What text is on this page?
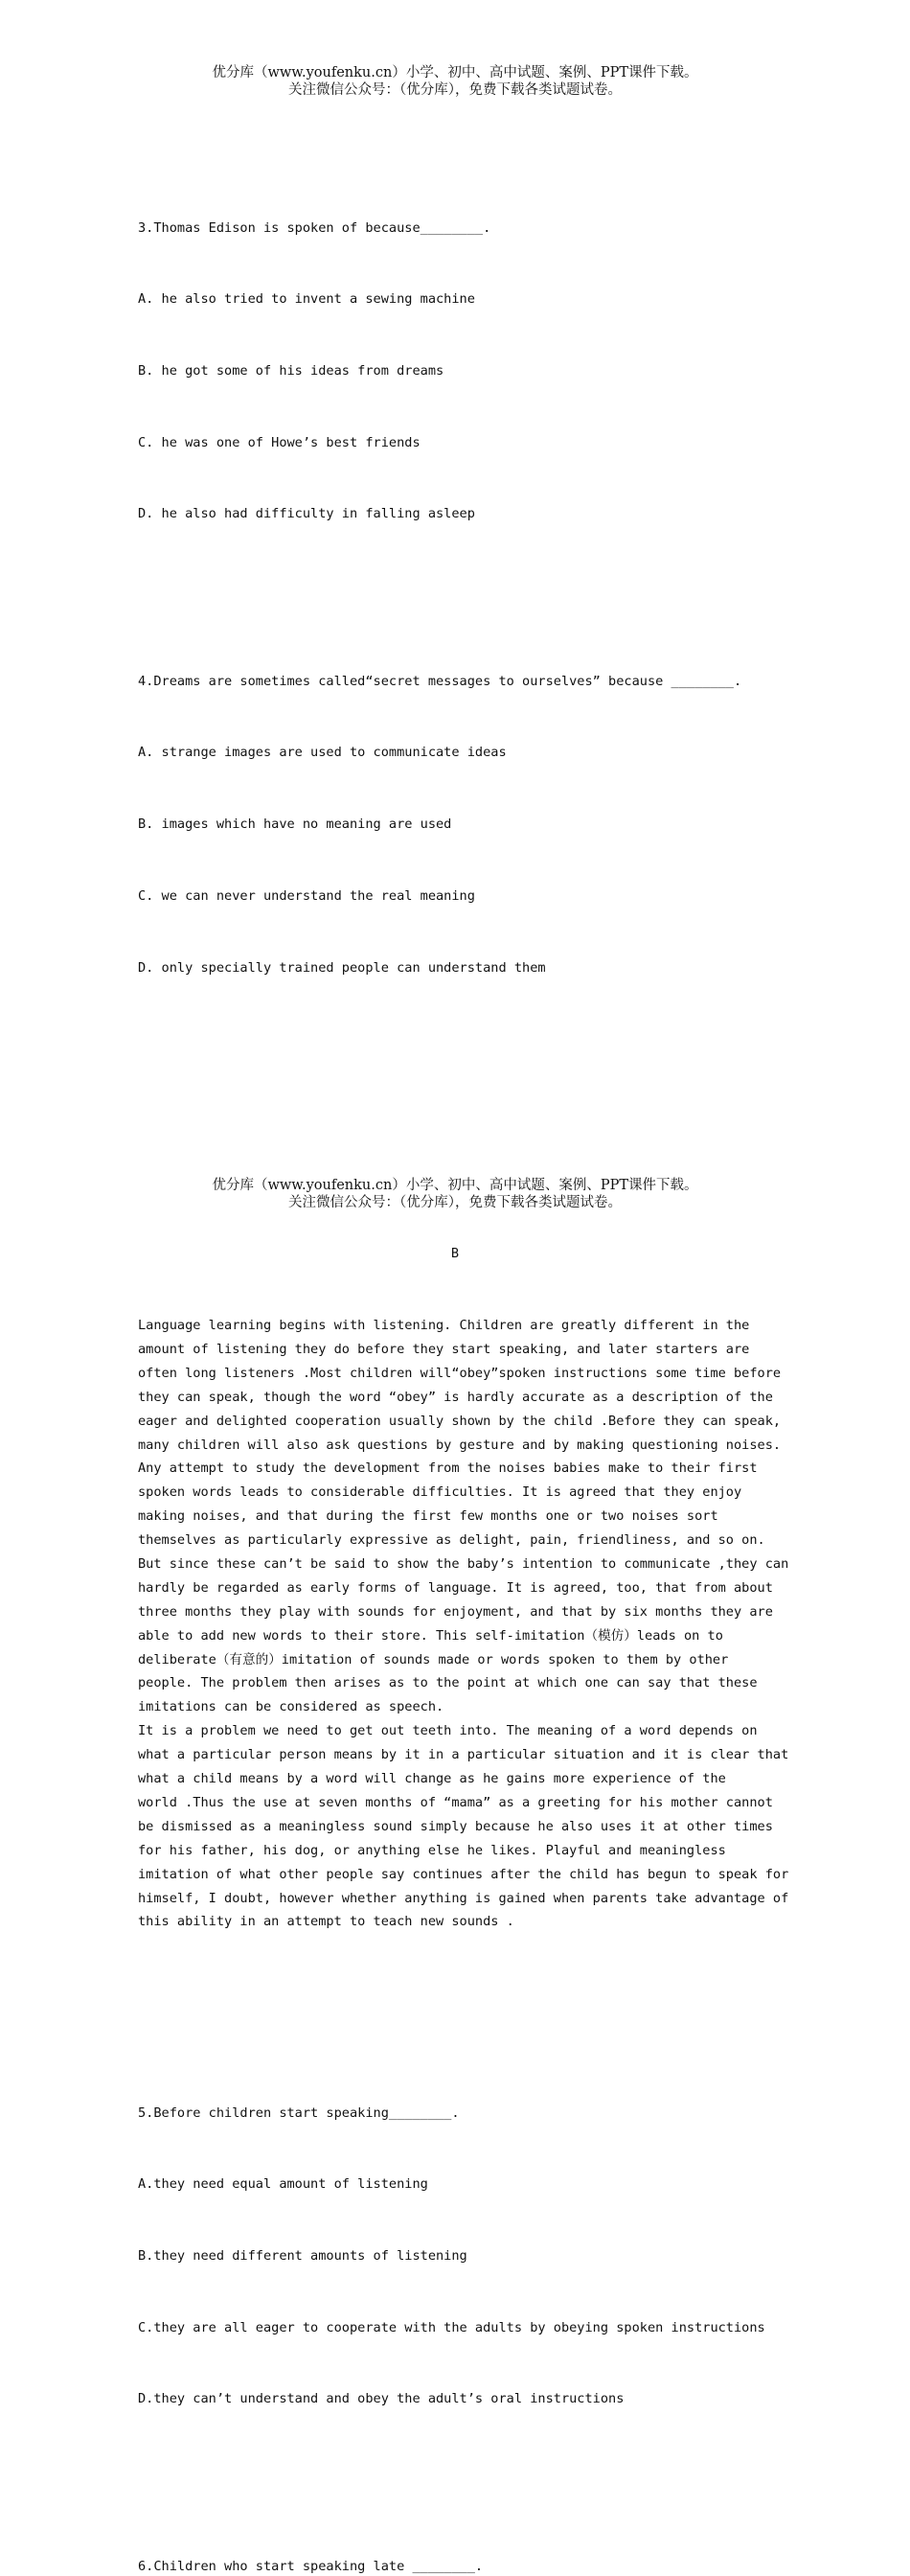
优分库（www.youfenku.cn）小学、初中、高中试题、案例、PPT课件下载。
关注微信公众号：（优分库），免费下载各类试题试卷。

3.Thomas Edison is spoken of because________.

A. he also tried to invent a sewing machine

B. he got some of his ideas from dreams

C. he was one of Howe’s best friends

D. he also had difficulty in falling asleep

4.Dreams are sometimes called“secret messages to ourselves” because ________.

A. strange images are used to communicate ideas

B. images which have no meaning are used

C. we can never understand the real meaning

D. only specially trained people can understand them

B

Language learning begins with listening. Children are greatly different in the
amount of listening they do before they start speaking, and later starters are
often long listeners .Most children will“obey”spoken instructions some time before
they can speak, though the word “obey” is hardly accurate as a description of the
eager and delighted cooperation usually shown by the child .Before they can speak,
many children will also ask questions by gesture and by making questioning noises.
Any attempt to study the development from the noises babies make to their first
spoken words leads to considerable difficulties. It is agreed that they enjoy
making noises, and that during the first few months one or two noises sort
themselves as particularly expressive as delight, pain, friendliness, and so on.
But since these can’t be said to show the baby’s intention to communicate ,they can
hardly be regarded as early forms of language. It is agreed, too, that from about
three months they play with sounds for enjoyment, and that by six months they are
able to add new words to their store. This self-imitation（模仿）leads on to
deliberate（有意的）imitation of sounds made or words spoken to them by other
people. The problem then arises as to the point at which one can say that these
imitations can be considered as speech.
It is a problem we need to get out teeth into. The meaning of a word depends on
what a particular person means by it in a particular situation and it is clear that
what a child means by a word will change as he gains more experience of the
world .Thus the use at seven months of “mama” as a greeting for his mother cannot
be dismissed as a meaningless sound simply because he also uses it at other times
for his father, his dog, or anything else he likes. Playful and meaningless
imitation of what other people say continues after the child has begun to speak for
himself, I doubt, however whether anything is gained when parents take advantage of
this ability in an attempt to teach new sounds .

5.Before children start speaking________.

A.they need equal amount of listening

B.they need different amounts of listening

C.they are all eager to cooperate with the adults by obeying spoken instructions

D.they can’t understand and obey the adult’s oral instructions

6.Children who start speaking late ________.

优分库（www.youfenku.cn）小学、初中、高中试题、案例、PPT课件下载。
关注微信公众号：（优分库），免费下载各类试题试卷。
